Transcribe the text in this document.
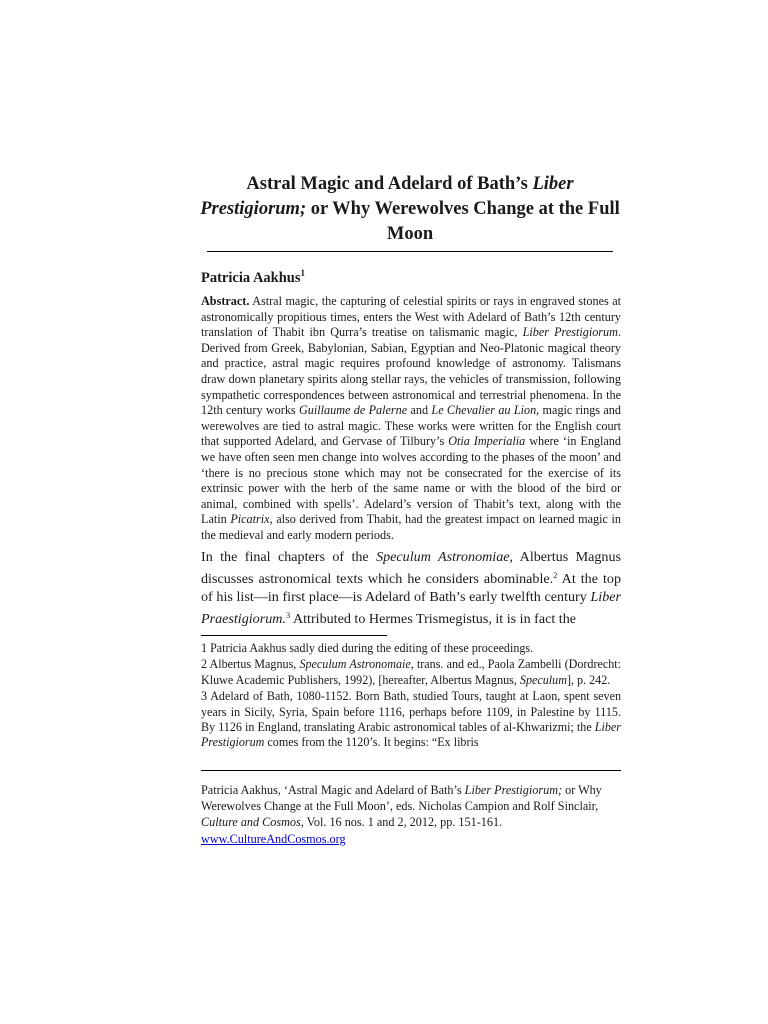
Astral Magic and Adelard of Bath’s Liber Prestigiorum; or Why Werewolves Change at the Full Moon
Patricia Aakhus$^1$
Abstract. Astral magic, the capturing of celestial spirits or rays in engraved stones at astronomically propitious times, enters the West with Adelard of Bath’s 12th century translation of Thabit ibn Qurra’s treatise on talismanic magic, Liber Prestigiorum. Derived from Greek, Babylonian, Sabian, Egyptian and Neo-Platonic magical theory and practice, astral magic requires profound knowledge of astronomy. Talismans draw down planetary spirits along stellar rays, the vehicles of transmission, following sympathetic correspondences between astronomical and terrestrial phenomena. In the 12th century works Guillaume de Palerne and Le Chevalier au Lion, magic rings and werewolves are tied to astral magic. These works were written for the English court that supported Adelard, and Gervase of Tilbury’s Otia Imperialia where ‘in England we have often seen men change into wolves according to the phases of the moon’ and ‘there is no precious stone which may not be consecrated for the exercise of its extrinsic power with the herb of the same name or with the blood of the bird or animal, combined with spells’. Adelard’s version of Thabit’s text, along with the Latin Picatrix, also derived from Thabit, had the greatest impact on learned magic in the medieval and early modern periods.
In the final chapters of the Speculum Astronomiae, Albertus Magnus discusses astronomical texts which he considers abominable.$^2$ At the top of his list—in first place—is Adelard of Bath’s early twelfth century Liber Praestigiorum.$^3$ Attributed to Hermes Trismegistus, it is in fact the

1 Patricia Aakhus sadly died during the editing of these proceedings.

2 Albertus Magnus, Speculum Astronomaie, trans. and ed., Paola Zambelli (Dordrecht: Kluwe Academic Publishers, 1992), [hereafter, Albertus Magnus, Speculum], p. 242.

3 Adelard of Bath, 1080-1152. Born Bath, studied Tours, taught at Laon, spent seven years in Sicily, Syria, Spain before 1116, perhaps before 1109, in Palestine by 1115. By 1126 in England, translating Arabic astronomical tables of al-Khwarizmi; the Liber Prestigiorum comes from the 1120’s. It begins: “Ex libris

Patricia Aakhus, ‘Astral Magic and Adelard of Bath’s Liber Prestigiorum; or Why Werewolves Change at the Full Moon’, eds. Nicholas Campion and Rolf Sinclair, Culture and Cosmos, Vol. 16 nos. 1 and 2, 2012, pp. 151-161.
www.CultureAndCosmos.org
